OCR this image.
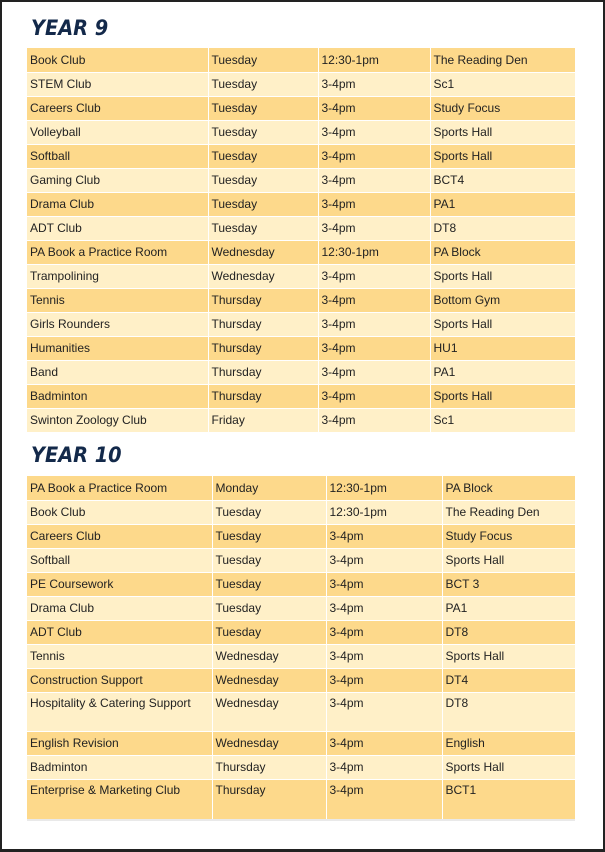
YEAR 9
Book Club	Tuesday	12:30-1pm	The Reading Den
STEM Club	Tuesday	3-4pm	Sc1
Careers Club	Tuesday	3-4pm	Study Focus
Volleyball	Tuesday	3-4pm	Sports Hall
Softball	Tuesday	3-4pm	Sports Hall
Gaming Club	Tuesday	3-4pm	BCT4
Drama Club	Tuesday	3-4pm	PA1
ADT Club	Tuesday	3-4pm	DT8
PA Book a Practice Room	Wednesday	12:30-1pm	PA Block
Trampolining	Wednesday	3-4pm	Sports Hall
Tennis	Thursday	3-4pm	Bottom Gym
Girls Rounders	Thursday	3-4pm	Sports Hall
Humanities	Thursday	3-4pm	HU1
Band	Thursday	3-4pm	PA1
Badminton	Thursday	3-4pm	Sports Hall
Swinton Zoology Club	Friday	3-4pm	Sc1
YEAR 10
PA Book a Practice Room	Monday	12:30-1pm	PA Block
Book Club	Tuesday	12:30-1pm	The Reading Den
Careers Club	Tuesday	3-4pm	Study Focus
Softball	Tuesday	3-4pm	Sports Hall
PE Coursework	Tuesday	3-4pm	BCT 3
Drama Club	Tuesday	3-4pm	PA1
ADT Club	Tuesday	3-4pm	DT8
Tennis	Wednesday	3-4pm	Sports Hall
Construction Support	Wednesday	3-4pm	DT4
Hospitality & Catering Support	Wednesday	3-4pm	DT8
English Revision	Wednesday	3-4pm	English
Badminton	Thursday	3-4pm	Sports Hall
Enterprise & Marketing Club	Thursday	3-4pm	BCT1
